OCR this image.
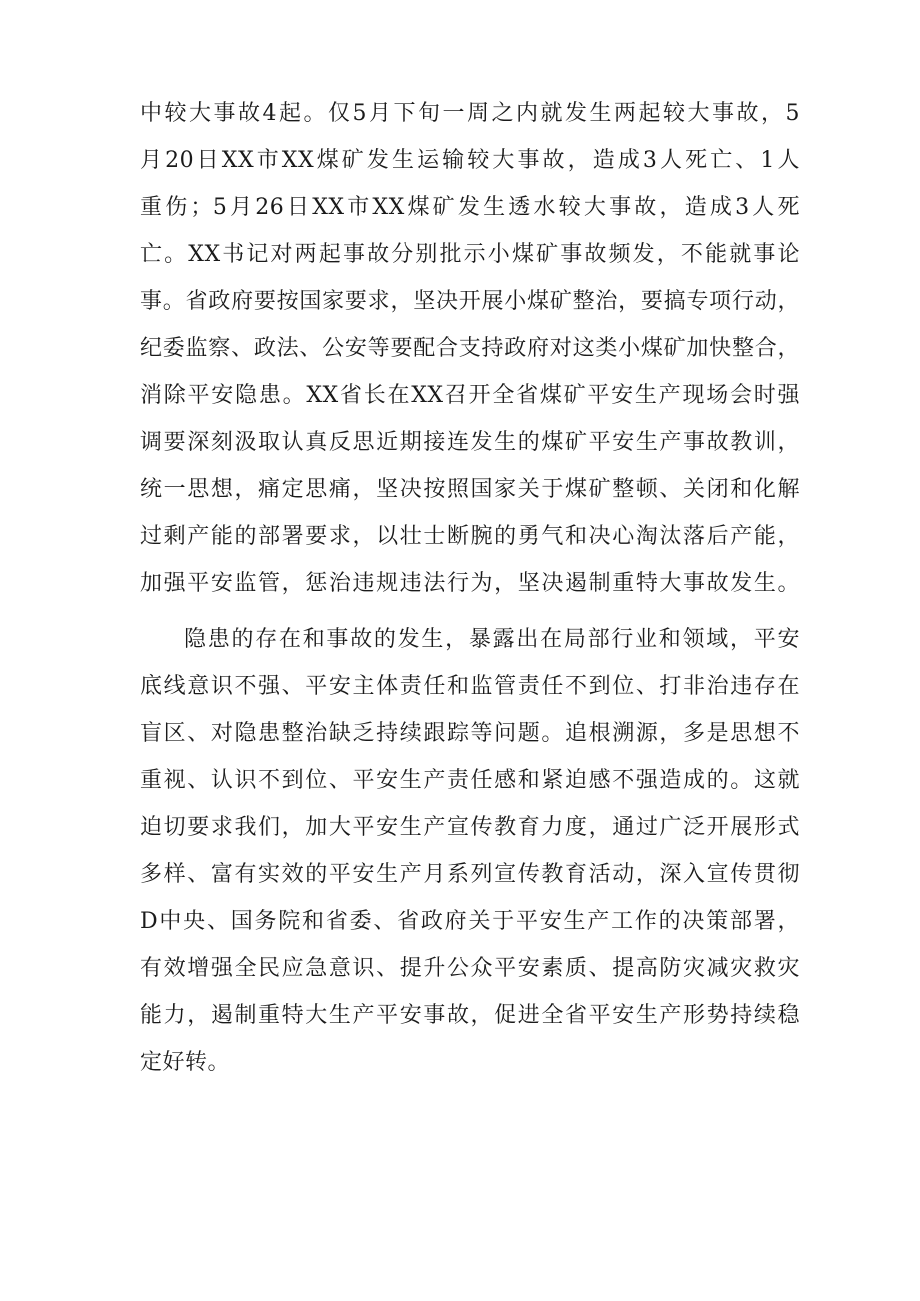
中较大事故4起。仅5月下旬一周之内就发生两起较大事故，5
月20日XX市XX煤矿发生运输较大事故，造成3人死亡、1人
重伤；5月26日XX市XX煤矿发生透水较大事故，造成3人死
亡。XX书记对两起事故分别批示小煤矿事故频发，不能就事论
事。省政府要按国家要求，坚决开展小煤矿整治，要搞专项行动，
纪委监察、政法、公安等要配合支持政府对这类小煤矿加快整合，
消除平安隐患。XX省长在XX召开全省煤矿平安生产现场会时强
调要深刻汲取认真反思近期接连发生的煤矿平安生产事故教训，
统一思想，痛定思痛，坚决按照国家关于煤矿整顿、关闭和化解
过剩产能的部署要求，以壮士断腕的勇气和决心淘汰落后产能，
加强平安监管，惩治违规违法行为，坚决遏制重特大事故发生。
隐患的存在和事故的发生，暴露出在局部行业和领域，平安
底线意识不强、平安主体责任和监管责任不到位、打非治违存在
盲区、对隐患整治缺乏持续跟踪等问题。追根溯源，多是思想不
重视、认识不到位、平安生产责任感和紧迫感不强造成的。这就
迫切要求我们，加大平安生产宣传教育力度，通过广泛开展形式
多样、富有实效的平安生产月系列宣传教育活动，深入宣传贯彻
D中央、国务院和省委、省政府关于平安生产工作的决策部署，
有效增强全民应急意识、提升公众平安素质、提高防灾减灾救灾
能力，遏制重特大生产平安事故，促进全省平安生产形势持续稳
定好转。
